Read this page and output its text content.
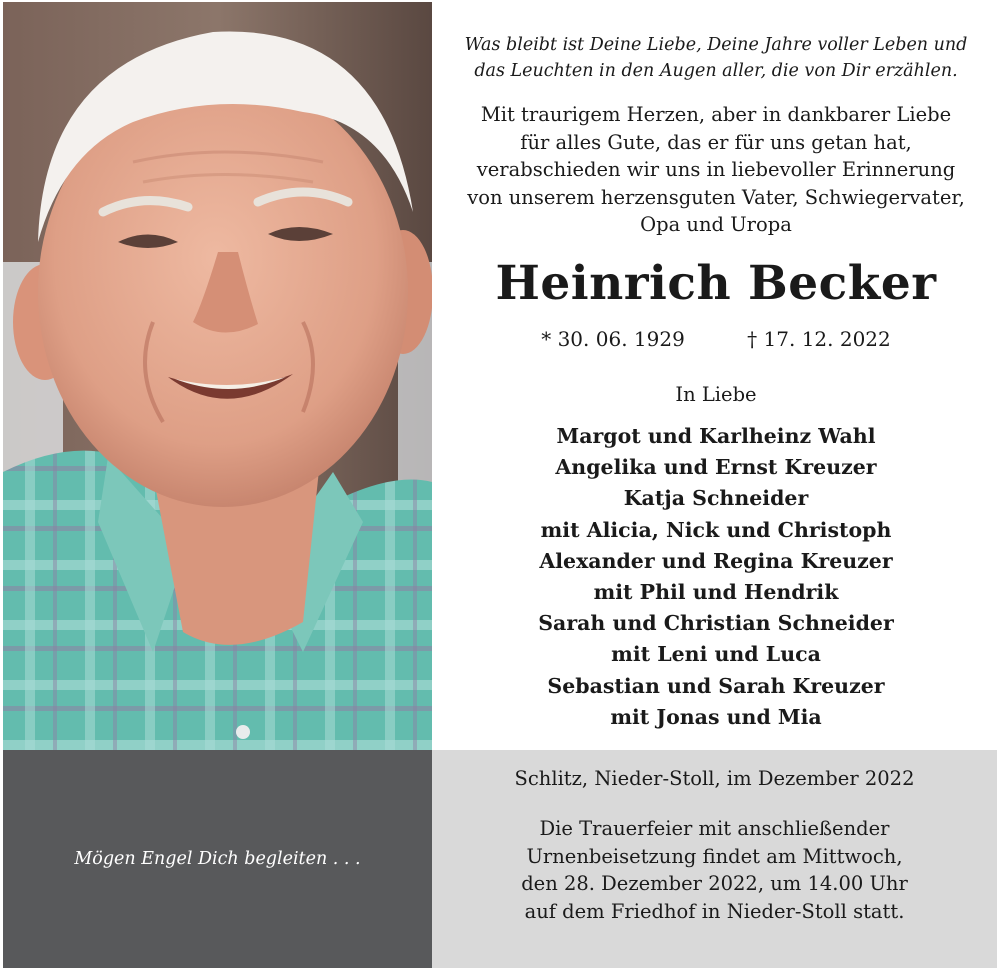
Was bleibt ist Deine Liebe, Deine Jahre voller Leben und
das Leuchten in den Augen aller, die von Dir erzählen.
Mit traurigem Herzen, aber in dankbarer Liebe
für alles Gute, das er für uns getan hat,
verabschieden wir uns in liebevoller Erinnerung
von unserem herzensguten Vater, Schwiegervater,
Opa und Uropa
Heinrich Becker
* 30. 06. 1929	† 17. 12. 2022
In Liebe
Margot und Karlheinz Wahl
Angelika und Ernst Kreuzer
Katja Schneider
mit Alicia, Nick und Christoph
Alexander und Regina Kreuzer
mit Phil und Hendrik
Sarah und Christian Schneider
mit Leni und Luca
Sebastian und Sarah Kreuzer
mit Jonas und Mia
Mögen Engel Dich begleiten . . .
Schlitz, Nieder-Stoll, im Dezember 2022
Die Trauerfeier mit anschließender
Urnenbeisetzung findet am Mittwoch,
den 28. Dezember 2022, um 14.00 Uhr
auf dem Friedhof in Nieder-Stoll statt.
